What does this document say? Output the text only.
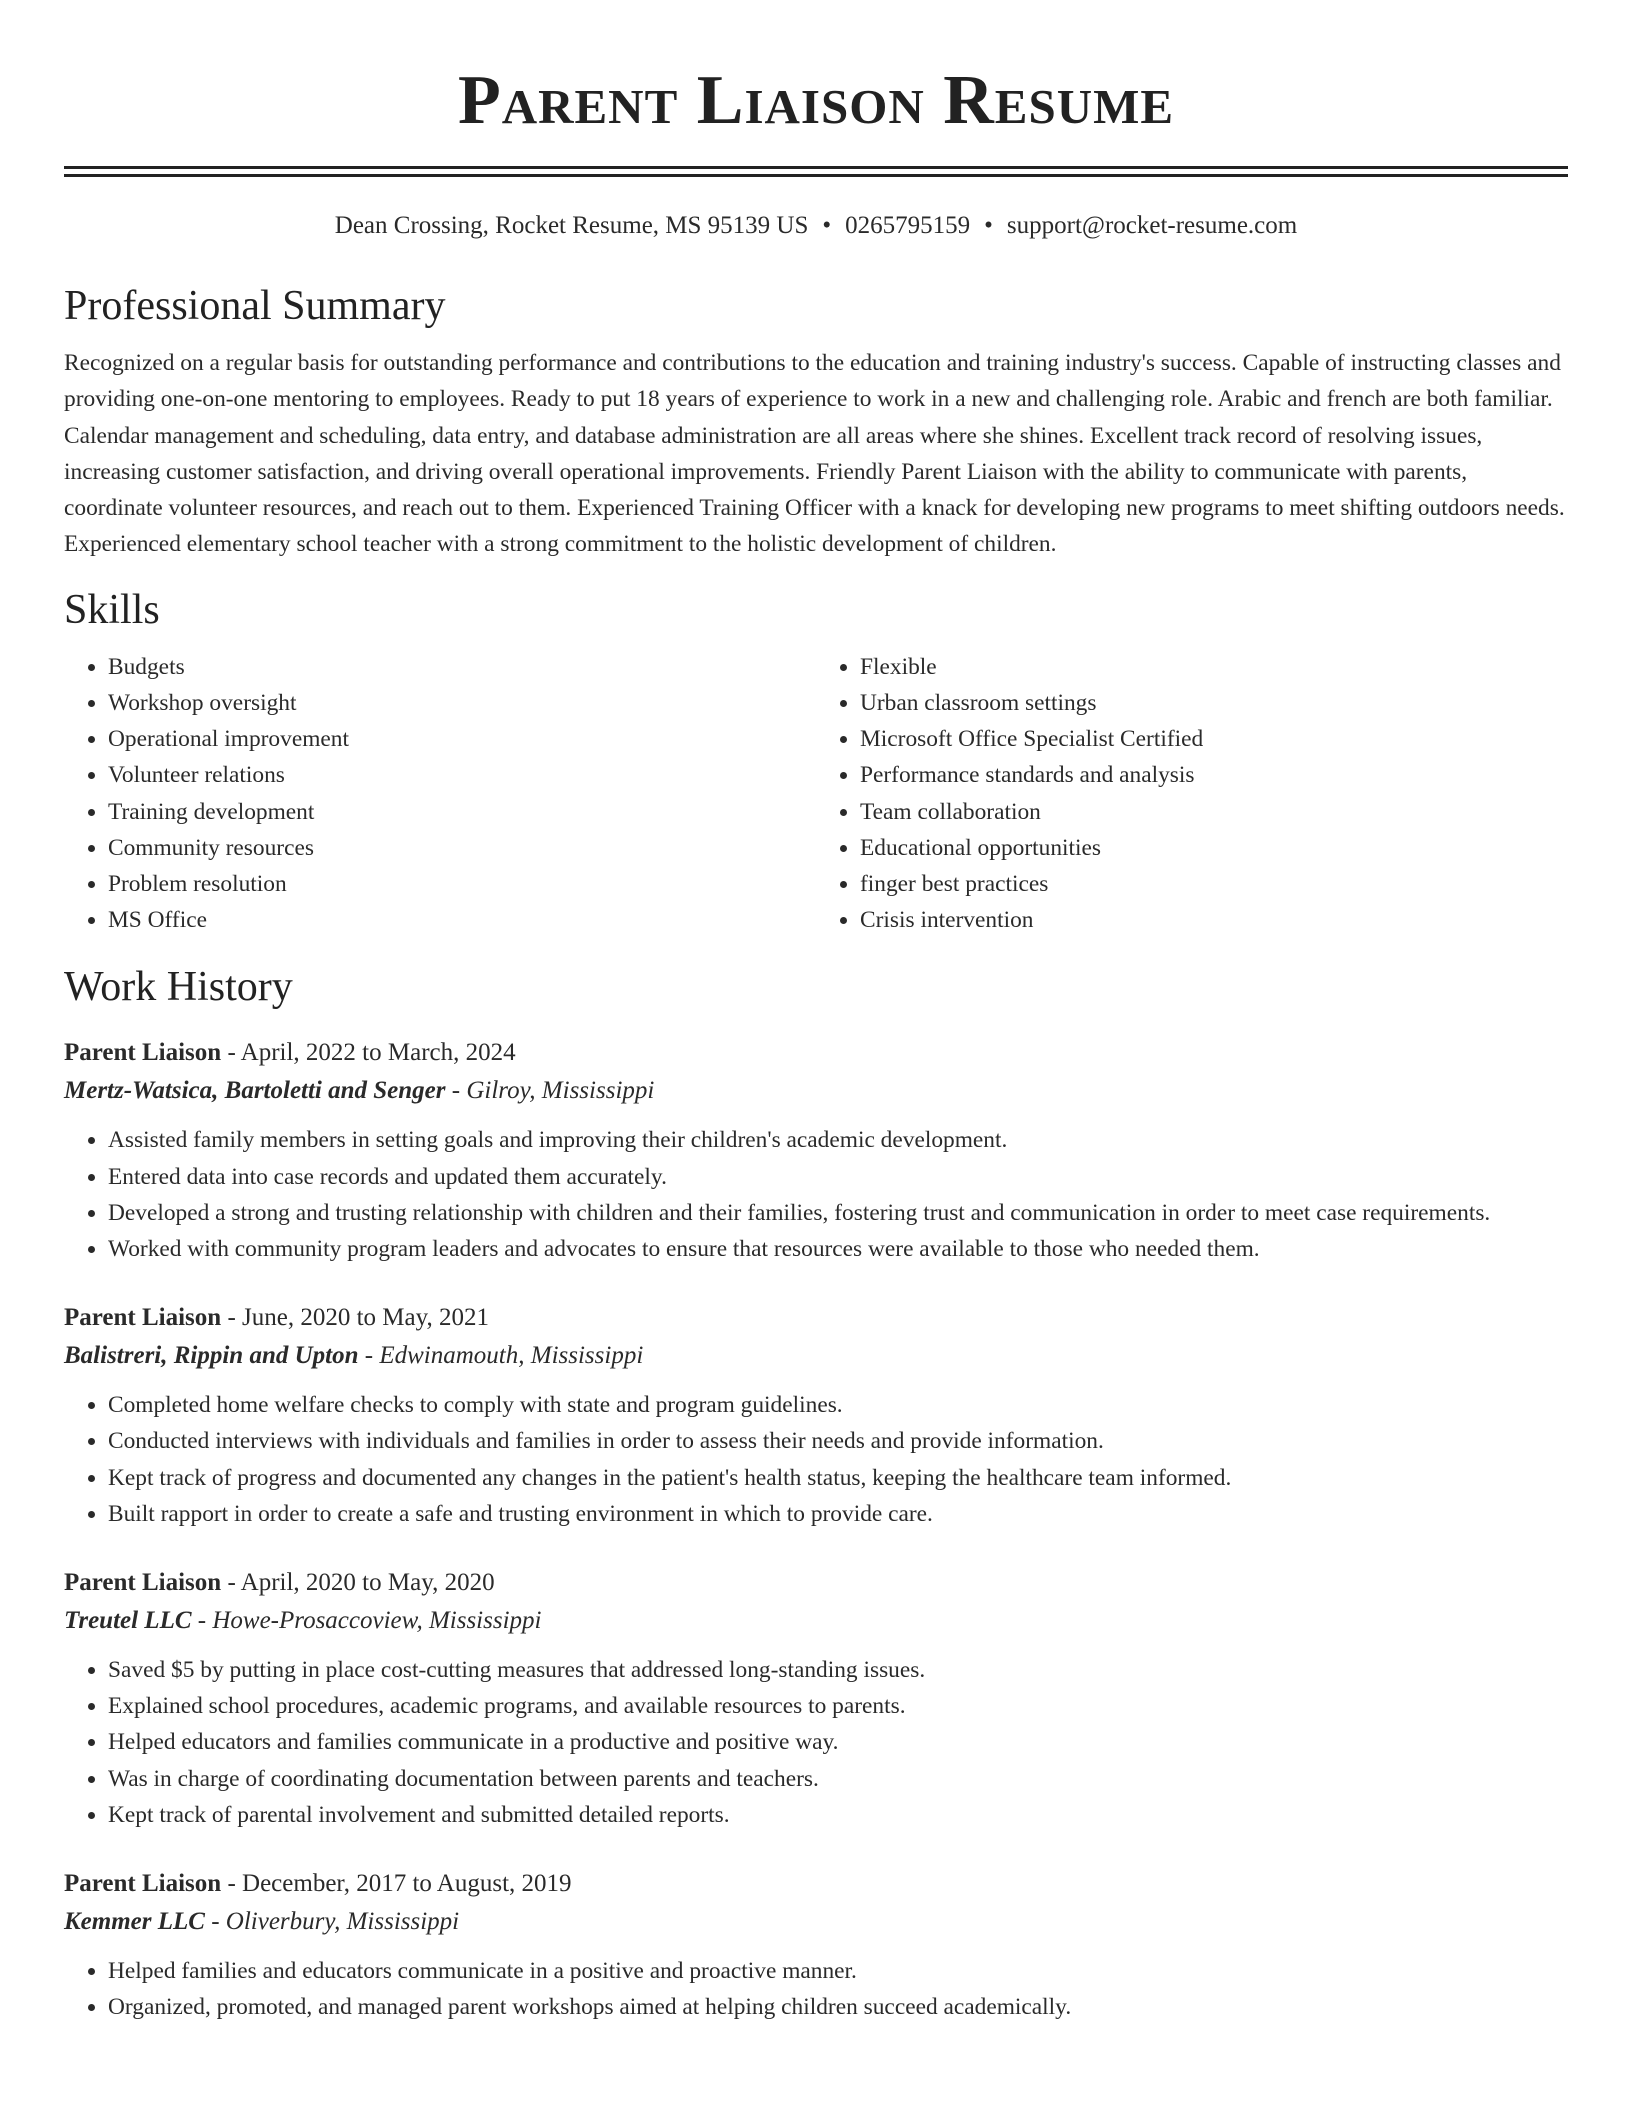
Parent Liaison Resume
Dean Crossing, Rocket Resume, MS 95139 US • 0265795159 • support@rocket-resume.com
Professional Summary
Recognized on a regular basis for outstanding performance and contributions to the education and training industry's success. Capable of instructing classes and providing one-on-one mentoring to employees. Ready to put 18 years of experience to work in a new and challenging role. Arabic and french are both familiar. Calendar management and scheduling, data entry, and database administration are all areas where she shines. Excellent track record of resolving issues, increasing customer satisfaction, and driving overall operational improvements. Friendly Parent Liaison with the ability to communicate with parents, coordinate volunteer resources, and reach out to them. Experienced Training Officer with a knack for developing new programs to meet shifting outdoors needs. Experienced elementary school teacher with a strong commitment to the holistic development of children.
Skills
• Budgets
• Workshop oversight
• Operational improvement
• Volunteer relations
• Training development
• Community resources
• Problem resolution
• MS Office
• Flexible
• Urban classroom settings
• Microsoft Office Specialist Certified
• Performance standards and analysis
• Team collaboration
• Educational opportunities
• finger best practices
• Crisis intervention
Work History
Parent Liaison - April, 2022 to March, 2024
Mertz-Watsica, Bartoletti and Senger - Gilroy, Mississippi
• Assisted family members in setting goals and improving their children's academic development.
• Entered data into case records and updated them accurately.
• Developed a strong and trusting relationship with children and their families, fostering trust and communication in order to meet case requirements.
• Worked with community program leaders and advocates to ensure that resources were available to those who needed them.
Parent Liaison - June, 2020 to May, 2021
Balistreri, Rippin and Upton - Edwinamouth, Mississippi
• Completed home welfare checks to comply with state and program guidelines.
• Conducted interviews with individuals and families in order to assess their needs and provide information.
• Kept track of progress and documented any changes in the patient's health status, keeping the healthcare team informed.
• Built rapport in order to create a safe and trusting environment in which to provide care.
Parent Liaison - April, 2020 to May, 2020
Treutel LLC - Howe-Prosaccoview, Mississippi
• Saved $5 by putting in place cost-cutting measures that addressed long-standing issues.
• Explained school procedures, academic programs, and available resources to parents.
• Helped educators and families communicate in a productive and positive way.
• Was in charge of coordinating documentation between parents and teachers.
• Kept track of parental involvement and submitted detailed reports.
Parent Liaison - December, 2017 to August, 2019
Kemmer LLC - Oliverbury, Mississippi
• Helped families and educators communicate in a positive and proactive manner.
• Organized, promoted, and managed parent workshops aimed at helping children succeed academically.
